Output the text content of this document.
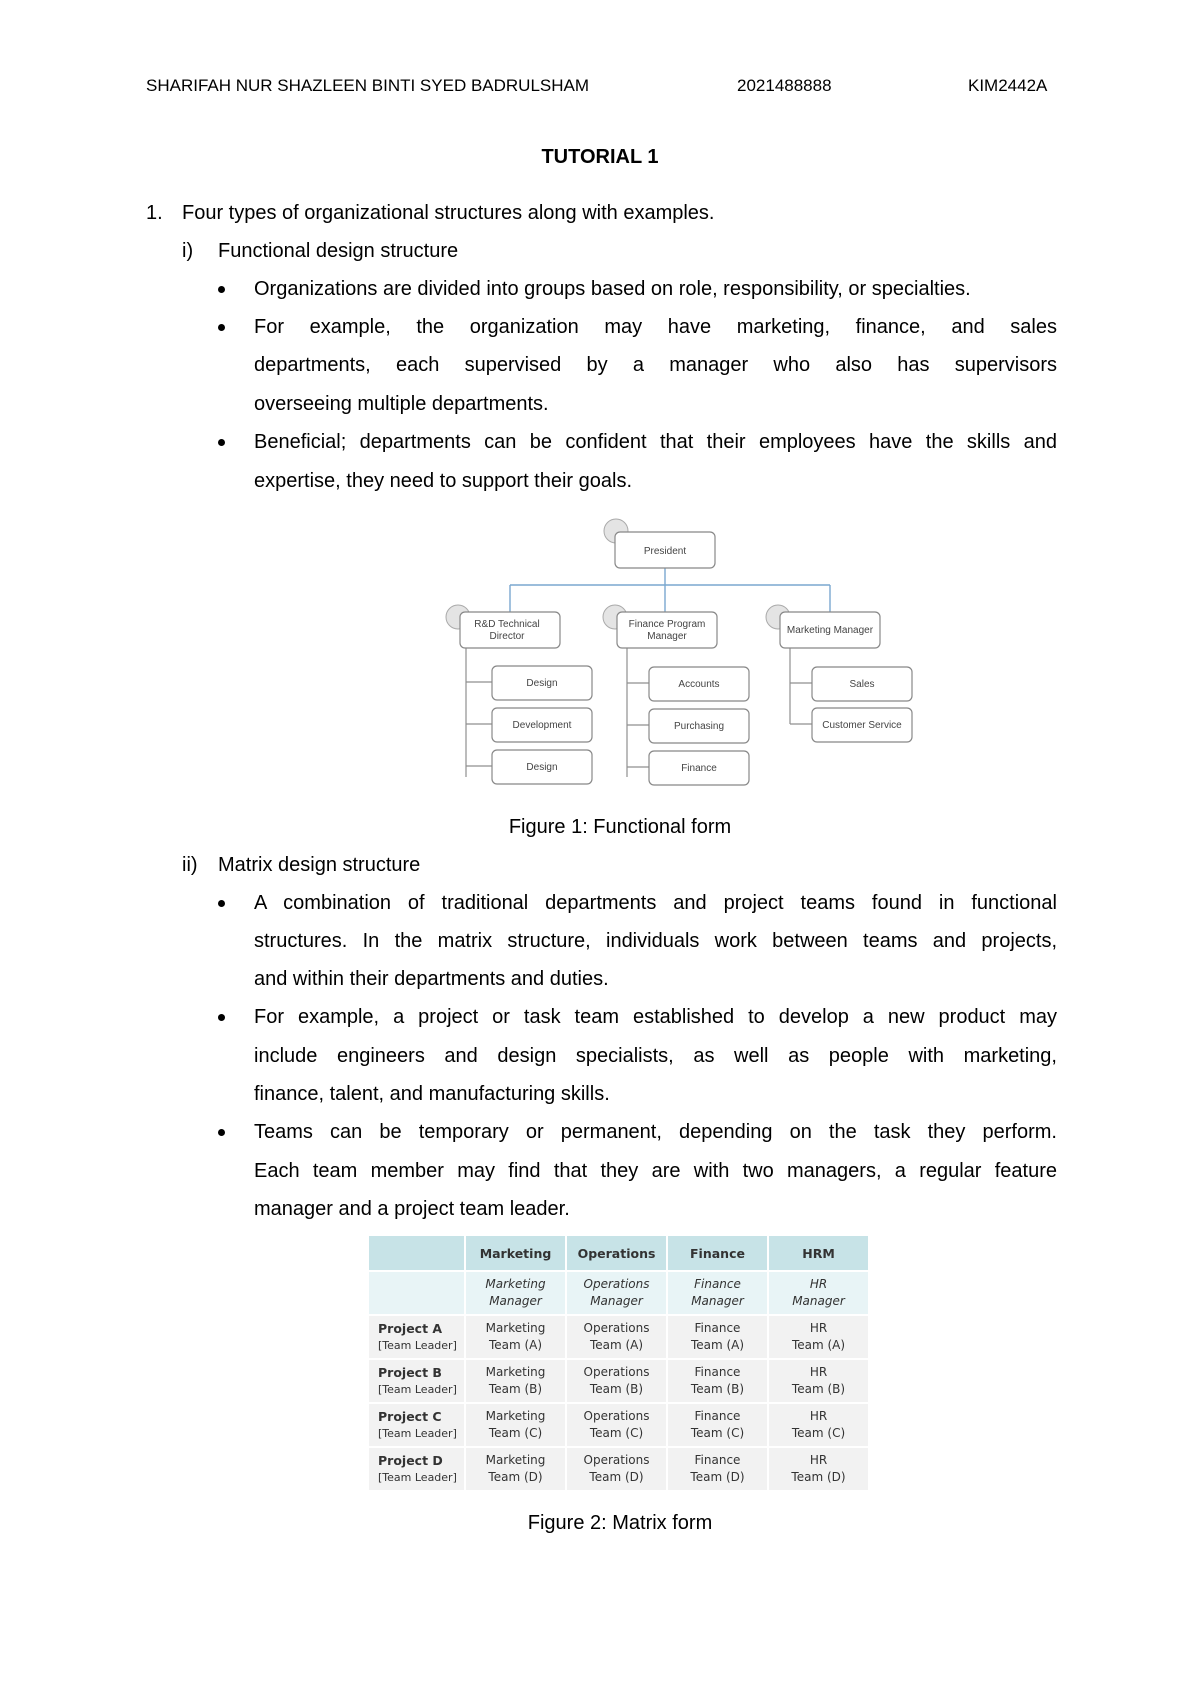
SHARIFAH NUR SHAZLEEN BINTI SYED BADRULSHAM	2021488888	KIM2442A
TUTORIAL 1
1. Four types of organizational structures along with examples.
i) Functional design structure
Organizations are divided into groups based on role, responsibility, or specialties.
For example, the organization may have marketing, finance, and sales
departments, each supervised by a manager who also has supervisors
overseeing multiple departments.
Beneficial; departments can be confident that their employees have the skills and
expertise, they need to support their goals.
President
R&D Technical
Director
Finance Program
Manager
Marketing Manager
Design
Development
Design
Accounts
Purchasing
Finance
Sales
Customer Service
Figure 1: Functional form
ii) Matrix design structure
A combination of traditional departments and project teams found in functional
structures. In the matrix structure, individuals work between teams and projects,
and within their departments and duties.
For example, a project or task team established to develop a new product may
include engineers and design specialists, as well as people with marketing,
finance, talent, and manufacturing skills.
Teams can be temporary or permanent, depending on the task they perform.
Each team member may find that they are with two managers, a regular feature
manager and a project team leader.
	Marketing	Operations	Finance	HRM

	Marketing
Manager	Operations
Manager	Finance
Manager	HR
Manager

Project A
[Team Leader]	Marketing
Team (A)	Operations
Team (A)	Finance
Team (A)	HR
Team (A)

Project B
[Team Leader]	Marketing
Team (B)	Operations
Team (B)	Finance
Team (B)	HR
Team (B)

Project C
[Team Leader]	Marketing
Team (C)	Operations
Team (C)	Finance
Team (C)	HR
Team (C)

Project D
[Team Leader]	Marketing
Team (D)	Operations
Team (D)	Finance
Team (D)	HR
Team (D)
Figure 2: Matrix form
